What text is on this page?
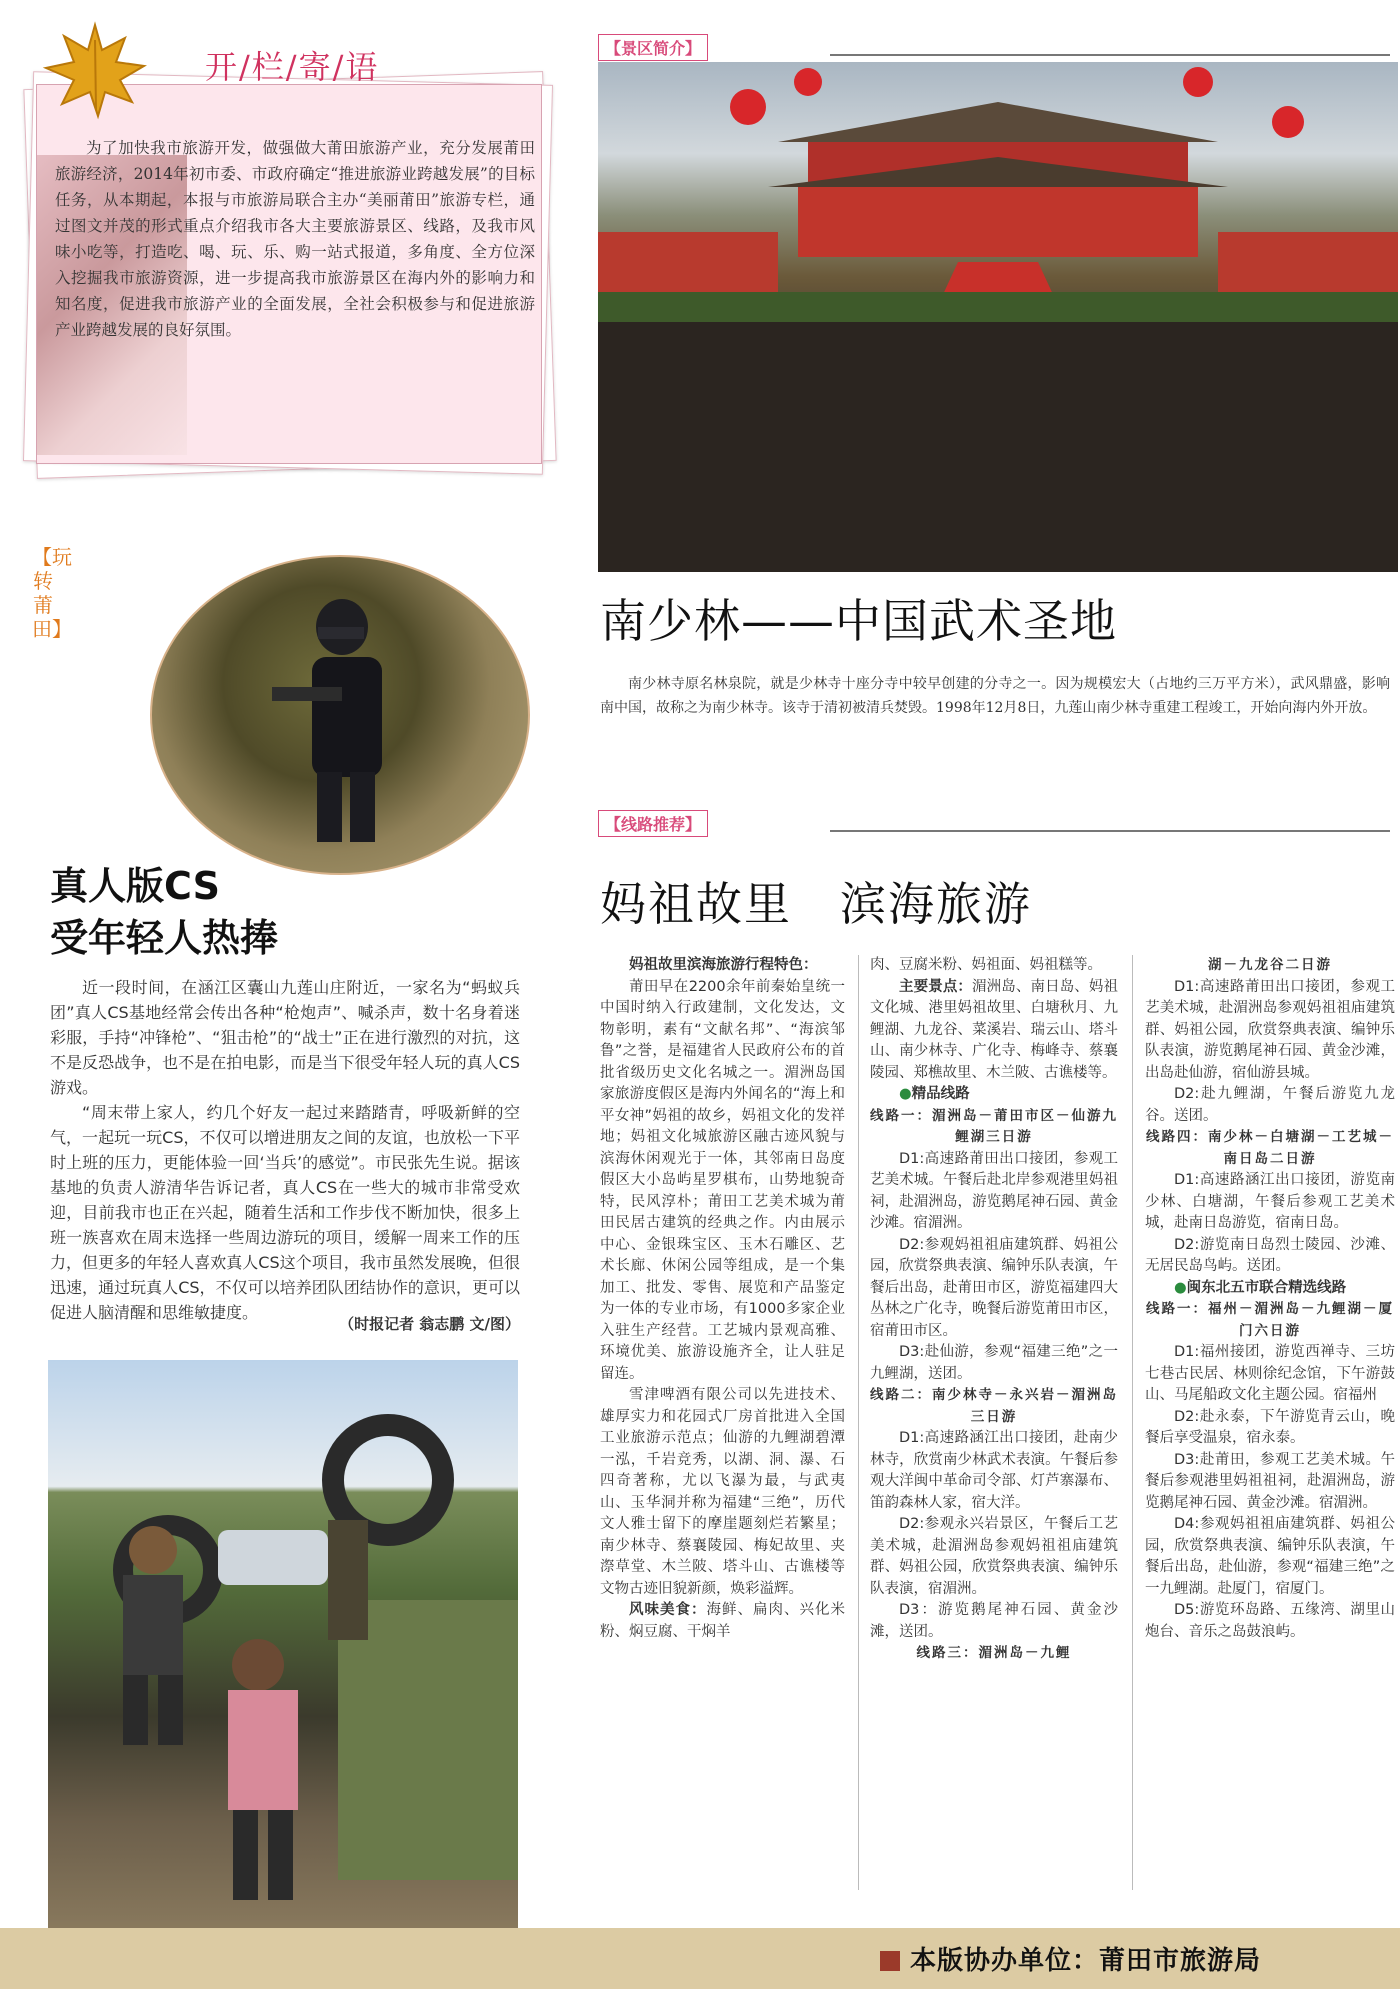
开/栏/寄/语
为了加快我市旅游开发，做强做大莆田旅游产业，充分发展莆田旅游经济，2014年初市委、市政府确定“推进旅游业跨越发展”的目标任务，从本期起，本报与市旅游局联合主办“美丽莆田”旅游专栏，通过图文并茂的形式重点介绍我市各大主要旅游景区、线路，及我市风味小吃等，打造吃、喝、玩、乐、购一站式报道，多角度、全方位深入挖掘我市旅游资源，进一步提高我市旅游景区在海内外的影响力和知名度，促进我市旅游产业的全面发展，全社会积极参与和促进旅游产业跨越发展的良好氛围。
【玩转莆田】
真人版CS
受年轻人热捧

近一段时间，在涵江区囊山九莲山庄附近，一家名为“蚂蚁兵团”真人CS基地经常会传出各种“枪炮声”、喊杀声，数十名身着迷彩服，手持“冲锋枪”、“狙击枪”的“战士”正在进行激烈的对抗，这不是反恐战争，也不是在拍电影，而是当下很受年轻人玩的真人CS游戏。

“周末带上家人，约几个好友一起过来踏踏青，呼吸新鲜的空气，一起玩一玩CS，不仅可以增进朋友之间的友谊，也放松一下平时上班的压力，更能体验一回‘当兵’的感觉”。市民张先生说。据该基地的负责人游清华告诉记者，真人CS在一些大的城市非常受欢迎，目前我市也正在兴起，随着生活和工作步伐不断加快，很多上班一族喜欢在周末选择一些周边游玩的项目，缓解一周来工作的压力，但更多的年轻人喜欢真人CS这个项目，我市虽然发展晚，但很迅速，通过玩真人CS，不仅可以培养团队团结协作的意识，更可以促进人脑清醒和思维敏捷度。

（时报记者 翁志鹏 文/图）
【景区简介】
南少林——中国武术圣地
南少林寺原名林泉院，就是少林寺十座分寺中较早创建的分寺之一。因为规模宏大（占地约三万平方米），武风鼎盛，影响南中国，故称之为南少林寺。该寺于清初被清兵焚毁。1998年12月8日，九莲山南少林寺重建工程竣工，开始向海内外开放。
【线路推荐】
妈祖故里　滨海旅游

妈祖故里滨海旅游行程特色：

莆田早在2200余年前秦始皇统一中国时纳入行政建制，文化发达，文物彰明，素有“文献名邦”、“海滨邹鲁”之誉，是福建省人民政府公布的首批省级历史文化名城之一。湄洲岛国家旅游度假区是海内外闻名的“海上和平女神”妈祖的故乡，妈祖文化的发祥地；妈祖文化城旅游区融古迹风貌与滨海休闲观光于一体，其邻南日岛度假区大小岛屿星罗棋布，山势地貌奇特，民风淳朴；莆田工艺美术城为莆田民居古建筑的经典之作。内由展示中心、金银珠宝区、玉木石雕区、艺术长廊、休闲公园等组成，是一个集加工、批发、零售、展览和产品鉴定为一体的专业市场，有1000多家企业入驻生产经营。工艺城内景观高雅、环境优美、旅游设施齐全，让人驻足留连。

雪津啤酒有限公司以先进技术、雄厚实力和花园式厂房首批进入全国工业旅游示范点；仙游的九鲤湖碧潭一泓，千岩竞秀，以湖、洞、瀑、石四奇著称，尤以飞瀑为最，与武夷山、玉华洞并称为福建“三绝”，历代文人雅士留下的摩崖题刻烂若繁星；南少林寺、蔡襄陵园、梅妃故里、夹漈草堂、木兰陂、塔斗山、古谯楼等文物古迹旧貌新颜，焕彩溢辉。

风味美食：海鲜、扁肉、兴化米粉、焖豆腐、干焖羊

肉、豆腐米粉、妈祖面、妈祖糕等。

主要景点：湄洲岛、南日岛、妈祖文化城、港里妈祖故里、白塘秋月、九鲤湖、九龙谷、菜溪岩、瑞云山、塔斗山、南少林寺、广化寺、梅峰寺、蔡襄陵园、郑樵故里、木兰陂、古谯楼等。

●精品线路

线路一：湄洲岛－莆田市区－仙游九鲤湖三日游

D1:高速路莆田出口接团，参观工艺美术城。午餐后赴北岸参观港里妈祖祠，赴湄洲岛，游览鹅尾神石园、黄金沙滩。宿湄洲。

D2:参观妈祖祖庙建筑群、妈祖公园，欣赏祭典表演、编钟乐队表演，午餐后出岛，赴莆田市区，游览福建四大丛林之广化寺，晚餐后游览莆田市区，宿莆田市区。

D3:赴仙游，参观“福建三绝”之一九鲤湖，送团。

线路二：南少林寺－永兴岩－湄洲岛三日游

D1:高速路涵江出口接团，赴南少林寺，欣赏南少林武术表演。午餐后参观大洋闽中革命司令部、灯芦寨瀑布、笛韵森林人家，宿大洋。

D2:参观永兴岩景区，午餐后工艺美术城，赴湄洲岛参观妈祖祖庙建筑群、妈祖公园，欣赏祭典表演、编钟乐队表演，宿湄洲。

D3：游览鹅尾神石园、黄金沙滩，送团。

线路三：湄洲岛－九鲤

湖－九龙谷二日游

D1:高速路莆田出口接团，参观工艺美术城，赴湄洲岛参观妈祖祖庙建筑群、妈祖公园，欣赏祭典表演、编钟乐队表演，游览鹅尾神石园、黄金沙滩，出岛赴仙游，宿仙游县城。

D2:赴九鲤湖，午餐后游览九龙谷。送团。

线路四：南少林－白塘湖－工艺城－南日岛二日游

D1:高速路涵江出口接团，游览南少林、白塘湖，午餐后参观工艺美术城，赴南日岛游览，宿南日岛。

D2:游览南日岛烈士陵园、沙滩、无居民岛鸟屿。送团。

●闽东北五市联合精选线路

线路一：福州－湄洲岛－九鲤湖－厦门六日游

D1:福州接团，游览西禅寺、三坊七巷古民居、林则徐纪念馆，下午游鼓山、马尾船政文化主题公园。宿福州

D2:赴永泰，下午游览青云山，晚餐后享受温泉，宿永泰。

D3:赴莆田，参观工艺美术城。午餐后参观港里妈祖祖祠，赴湄洲岛，游览鹅尾神石园、黄金沙滩。宿湄洲。

D4:参观妈祖祖庙建筑群、妈祖公园，欣赏祭典表演、编钟乐队表演，午餐后出岛，赴仙游，参观“福建三绝”之一九鲤湖。赴厦门，宿厦门。

D5:游览环岛路、五缘湾、湖里山炮台、音乐之岛鼓浪屿。

本版协办单位：莆田市旅游局
